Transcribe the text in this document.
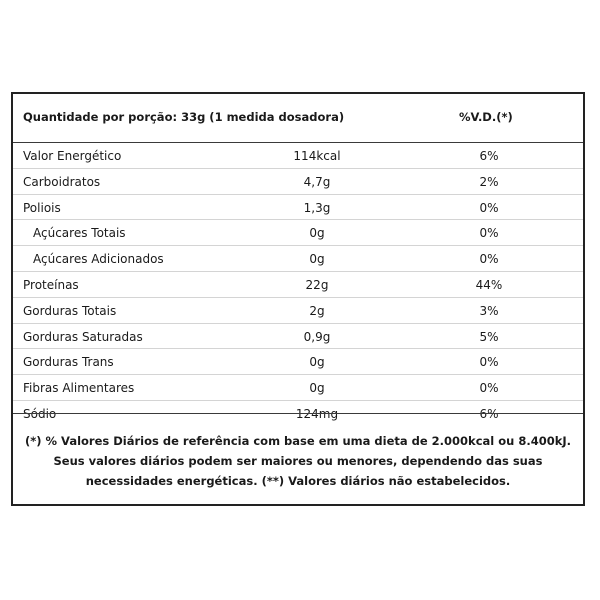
Quantidade por porção: 33g (1 medida dosadora)	%V.D.(*)
Valor Energético	114kcal	6%
Carboidratos	4,7g	2%
Poliois	1,3g	0%
Açúcares Totais	0g	0%
Açúcares Adicionados	0g	0%
Proteínas	22g	44%
Gorduras Totais	2g	3%
Gorduras Saturadas	0,9g	5%
Gorduras Trans	0g	0%
Fibras Alimentares	0g	0%
Sódio	124mg	6%
(*) % Valores Diários de referência com base em uma dieta de 2.000kcal ou 8.400kJ.
Seus valores diários podem ser maiores ou menores, dependendo das suas
necessidades energéticas. (**) Valores diários não estabelecidos.
